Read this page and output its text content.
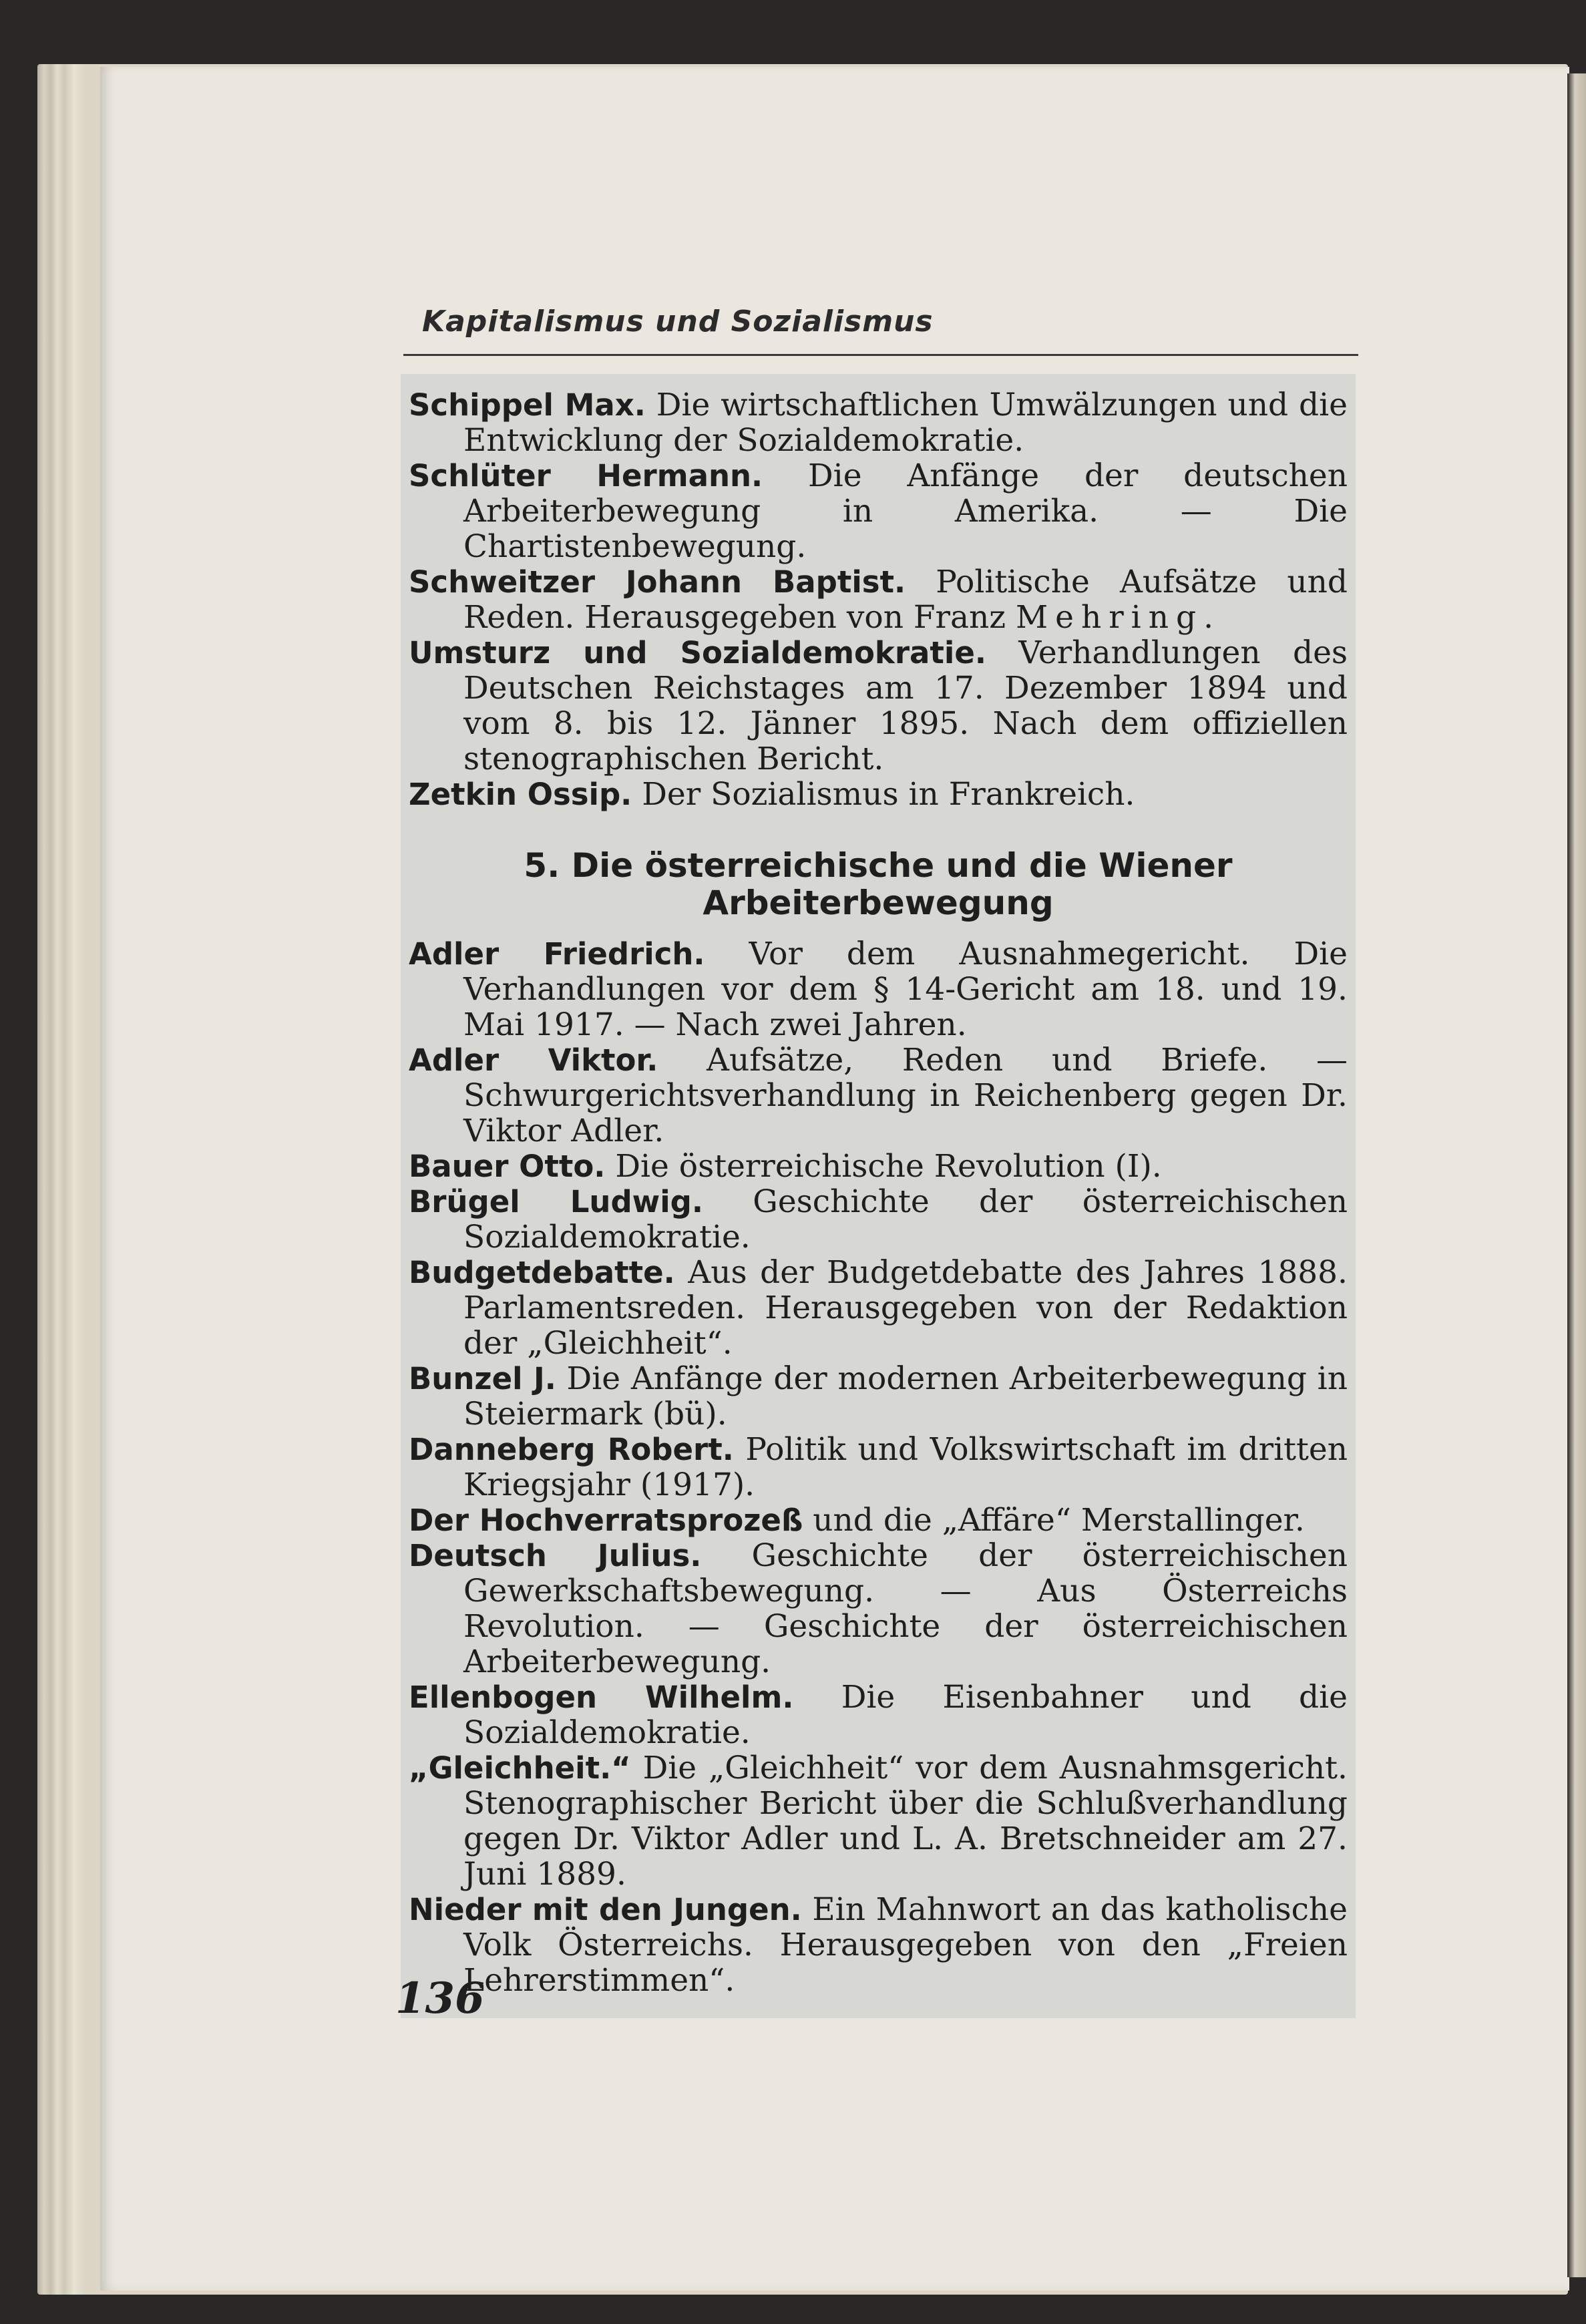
Kapitalismus und Sozialismus

Schippel Max. Die wirtschaftlichen Umwälzungen und die Entwicklung der Sozialdemokratie.

Schlüter Hermann. Die Anfänge der deutschen Arbeiterbewegung in Amerika. — Die Chartistenbewegung.

Schweitzer Johann Baptist. Politische Aufsätze und Reden. Herausgegeben von Franz Mehring.

Umsturz und Sozialdemokratie. Verhandlungen des Deutschen Reichstages am 17. Dezember 1894 und vom 8. bis 12. Jänner 1895. Nach dem offiziellen stenographischen Bericht.

Zetkin Ossip. Der Sozialismus in Frankreich.

5. Die österreichische und die Wiener Arbeiterbewegung

Adler Friedrich. Vor dem Ausnahmegericht. Die Verhandlungen vor dem § 14-Gericht am 18. und 19. Mai 1917. — Nach zwei Jahren.

Adler Viktor. Aufsätze, Reden und Briefe. — Schwurgerichtsverhandlung in Reichenberg gegen Dr. Viktor Adler.

Bauer Otto. Die österreichische Revolution (I).

Brügel Ludwig. Geschichte der österreichischen Sozialdemokratie.

Budgetdebatte. Aus der Budgetdebatte des Jahres 1888. Parlamentsreden. Herausgegeben von der Redaktion der „Gleichheit“.

Bunzel J. Die Anfänge der modernen Arbeiterbewegung in Steiermark (bü).

Danneberg Robert. Politik und Volkswirtschaft im dritten Kriegsjahr (1917).

Der Hochverratsprozeß und die „Affäre“ Merstallinger.

Deutsch Julius. Geschichte der österreichischen Gewerkschaftsbewegung. — Aus Österreichs Revolution. — Geschichte der österreichischen Arbeiterbewegung.

Ellenbogen Wilhelm. Die Eisenbahner und die Sozialdemokratie.

„Gleichheit.“ Die „Gleichheit“ vor dem Ausnahmsgericht. Stenographischer Bericht über die Schlußverhandlung gegen Dr. Viktor Adler und L. A. Bretschneider am 27. Juni 1889.

Nieder mit den Jungen. Ein Mahnwort an das katholische Volk Österreichs. Herausgegeben von den „Freien Lehrerstimmen“.

136
